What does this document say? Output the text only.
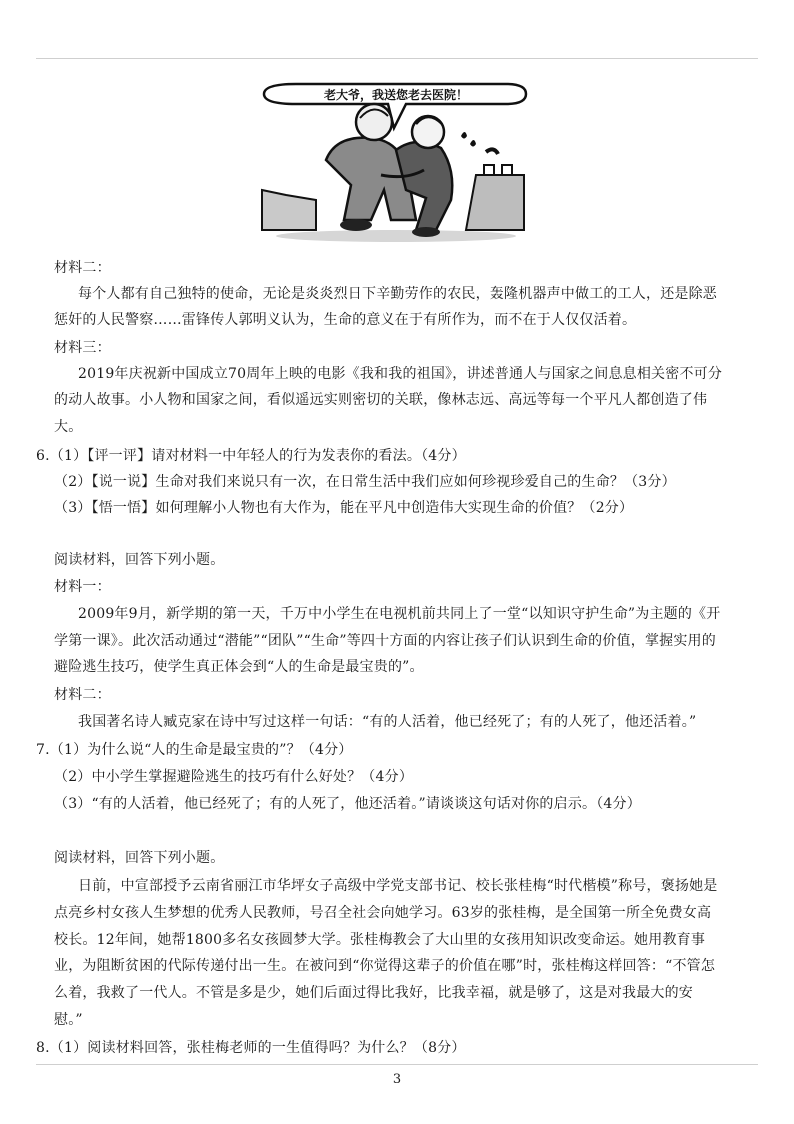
老大爷，我送您老去医院！
材料二：
每个人都有自己独特的使命，无论是炎炎烈日下辛勤劳作的农民，轰隆机器声中做工的工人，还是除恶
惩奸的人民警察……雷锋传人郭明义认为，生命的意义在于有所作为，而不在于人仅仅活着。
材料三：
2019年庆祝新中国成立70周年上映的电影《我和我的祖国》，讲述普通人与国家之间息息相关密不可分
的动人故事。小人物和国家之间，看似遥远实则密切的关联，像林志远、高远等每一个平凡人都创造了伟
大。
6.（1）【评一评】请对材料一中年轻人的行为发表你的看法。（4分）
（2）【说一说】生命对我们来说只有一次，在日常生活中我们应如何珍视珍爱自己的生命？（3分）
（3）【悟一悟】如何理解小人物也有大作为，能在平凡中创造伟大实现生命的价值？（2分）
阅读材料，回答下列小题。
材料一：
2009年9月，新学期的第一天，千万中小学生在电视机前共同上了一堂“以知识守护生命”为主题的《开
学第一课》。此次活动通过“潜能”“团队”“生命”等四十方面的内容让孩子们认识到生命的价值，掌握实用的
避险逃生技巧，使学生真正体会到“人的生命是最宝贵的”。
材料二：
我国著名诗人臧克家在诗中写过这样一句话：“有的人活着，他已经死了；有的人死了，他还活着。”
7.（1）为什么说“人的生命是最宝贵的”？（4分）
（2）中小学生掌握避险逃生的技巧有什么好处？（4分）
（3）“有的人活着，他已经死了；有的人死了，他还活着。”请谈谈这句话对你的启示。（4分）
阅读材料，回答下列小题。
日前，中宣部授予云南省丽江市华坪女子高级中学党支部书记、校长张桂梅“时代楷模”称号，褒扬她是
点亮乡村女孩人生梦想的优秀人民教师，号召全社会向她学习。63岁的张桂梅，是全国第一所全免费女高
校长。12年间，她帮1800多名女孩圆梦大学。张桂梅教会了大山里的女孩用知识改变命运。她用教育事
业，为阻断贫困的代际传递付出一生。在被问到“你觉得这辈子的价值在哪”时，张桂梅这样回答：“不管怎
么着，我救了一代人。不管是多是少，她们后面过得比我好，比我幸福，就是够了，这是对我最大的安
慰。”
8.（1）阅读材料回答，张桂梅老师的一生值得吗？为什么？（8分）
3
